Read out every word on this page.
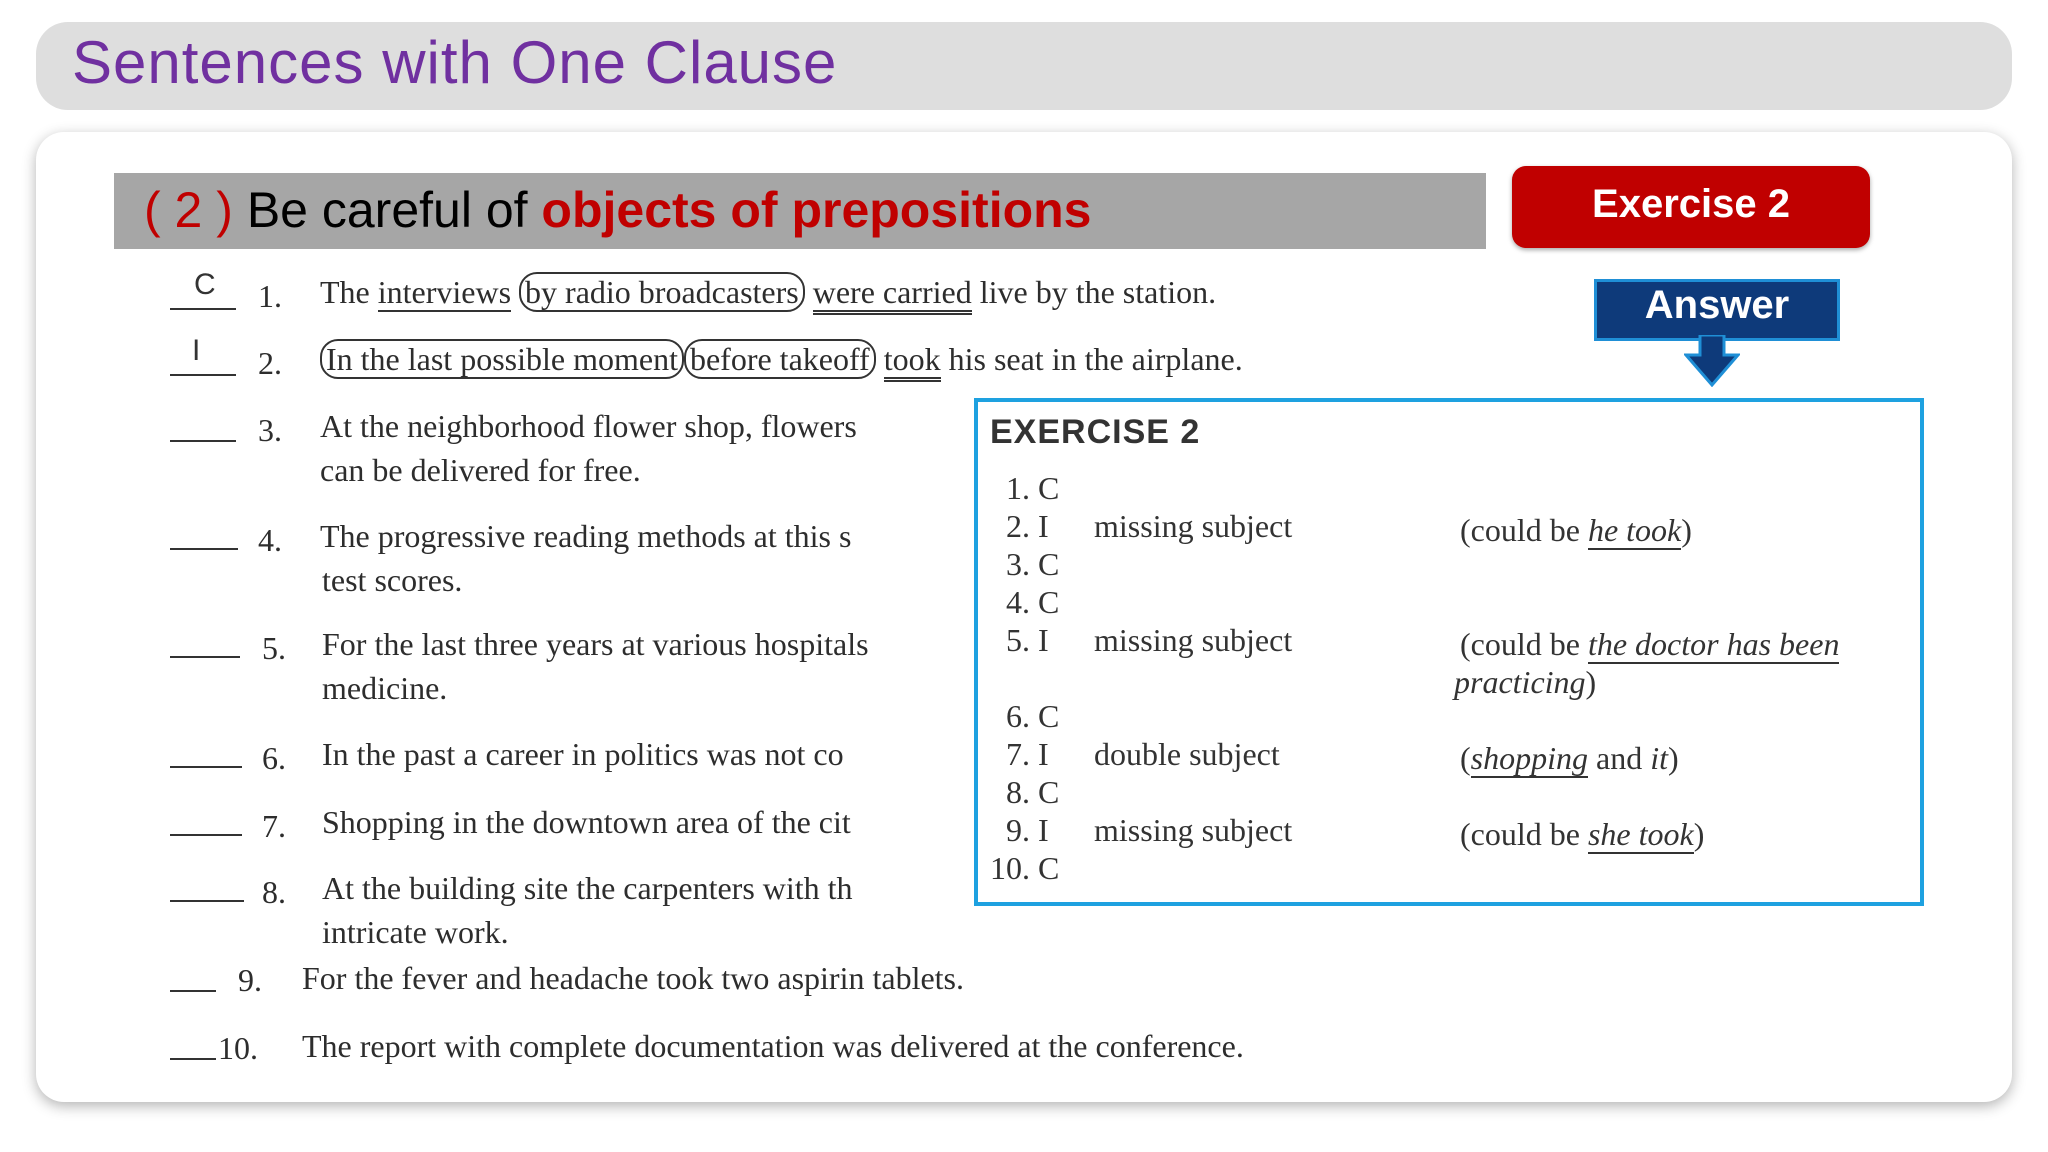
Sentences with One Clause
( 2 ) Be careful of objects of prepositions	Exercise 2
Answer
C 1. The interviews by radio broadcasters were carried live by the station.
I 2. In the last possible moment before takeoff took his seat in the airplane.
3. At the neighborhood flower shop, flowers
can be delivered for free.
4. The progressive reading methods at this s
test scores.
5. For the last three years at various hospitals
medicine.
6. In the past a career in politics was not co
7. Shopping in the downtown area of the cit
8. At the building site the carpenters with th
intricate work.
9. For the fever and headache took two aspirin tablets.
10. The report with complete documentation was delivered at the conference.
EXERCISE 2
1. C
2. I missing subject	(could be he took)
3. C
4. C
5. I missing subject	(could be the doctor has been
practicing)
6. C
7. I double subject	(shopping and it)
8. C
9. I missing subject	(could be she took)
10. C
